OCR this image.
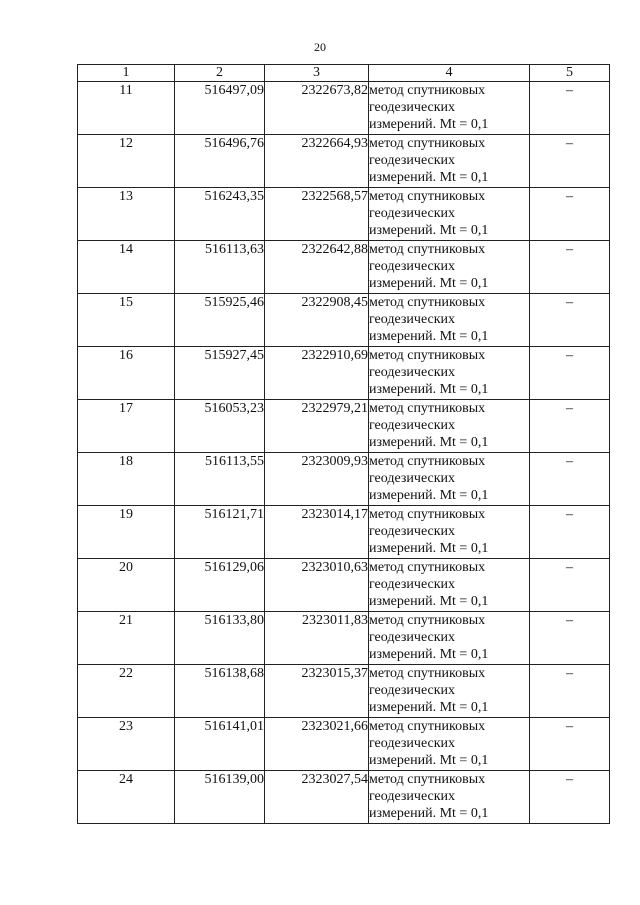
20
1	2	3	4	5
11	516497,09	2322673,82	метод спутниковых
геодезических
измерений. Mt = 0,1	–
12	516496,76	2322664,93	метод спутниковых
геодезических
измерений. Mt = 0,1	–
13	516243,35	2322568,57	метод спутниковых
геодезических
измерений. Mt = 0,1	–
14	516113,63	2322642,88	метод спутниковых
геодезических
измерений. Mt = 0,1	–
15	515925,46	2322908,45	метод спутниковых
геодезических
измерений. Mt = 0,1	–
16	515927,45	2322910,69	метод спутниковых
геодезических
измерений. Mt = 0,1	–
17	516053,23	2322979,21	метод спутниковых
геодезических
измерений. Mt = 0,1	–
18	516113,55	2323009,93	метод спутниковых
геодезических
измерений. Mt = 0,1	–
19	516121,71	2323014,17	метод спутниковых
геодезических
измерений. Mt = 0,1	–
20	516129,06	2323010,63	метод спутниковых
геодезических
измерений. Mt = 0,1	–
21	516133,80	2323011,83	метод спутниковых
геодезических
измерений. Mt = 0,1	–
22	516138,68	2323015,37	метод спутниковых
геодезических
измерений. Mt = 0,1	–
23	516141,01	2323021,66	метод спутниковых
геодезических
измерений. Mt = 0,1	–
24	516139,00	2323027,54	метод спутниковых
геодезических
измерений. Mt = 0,1	–
